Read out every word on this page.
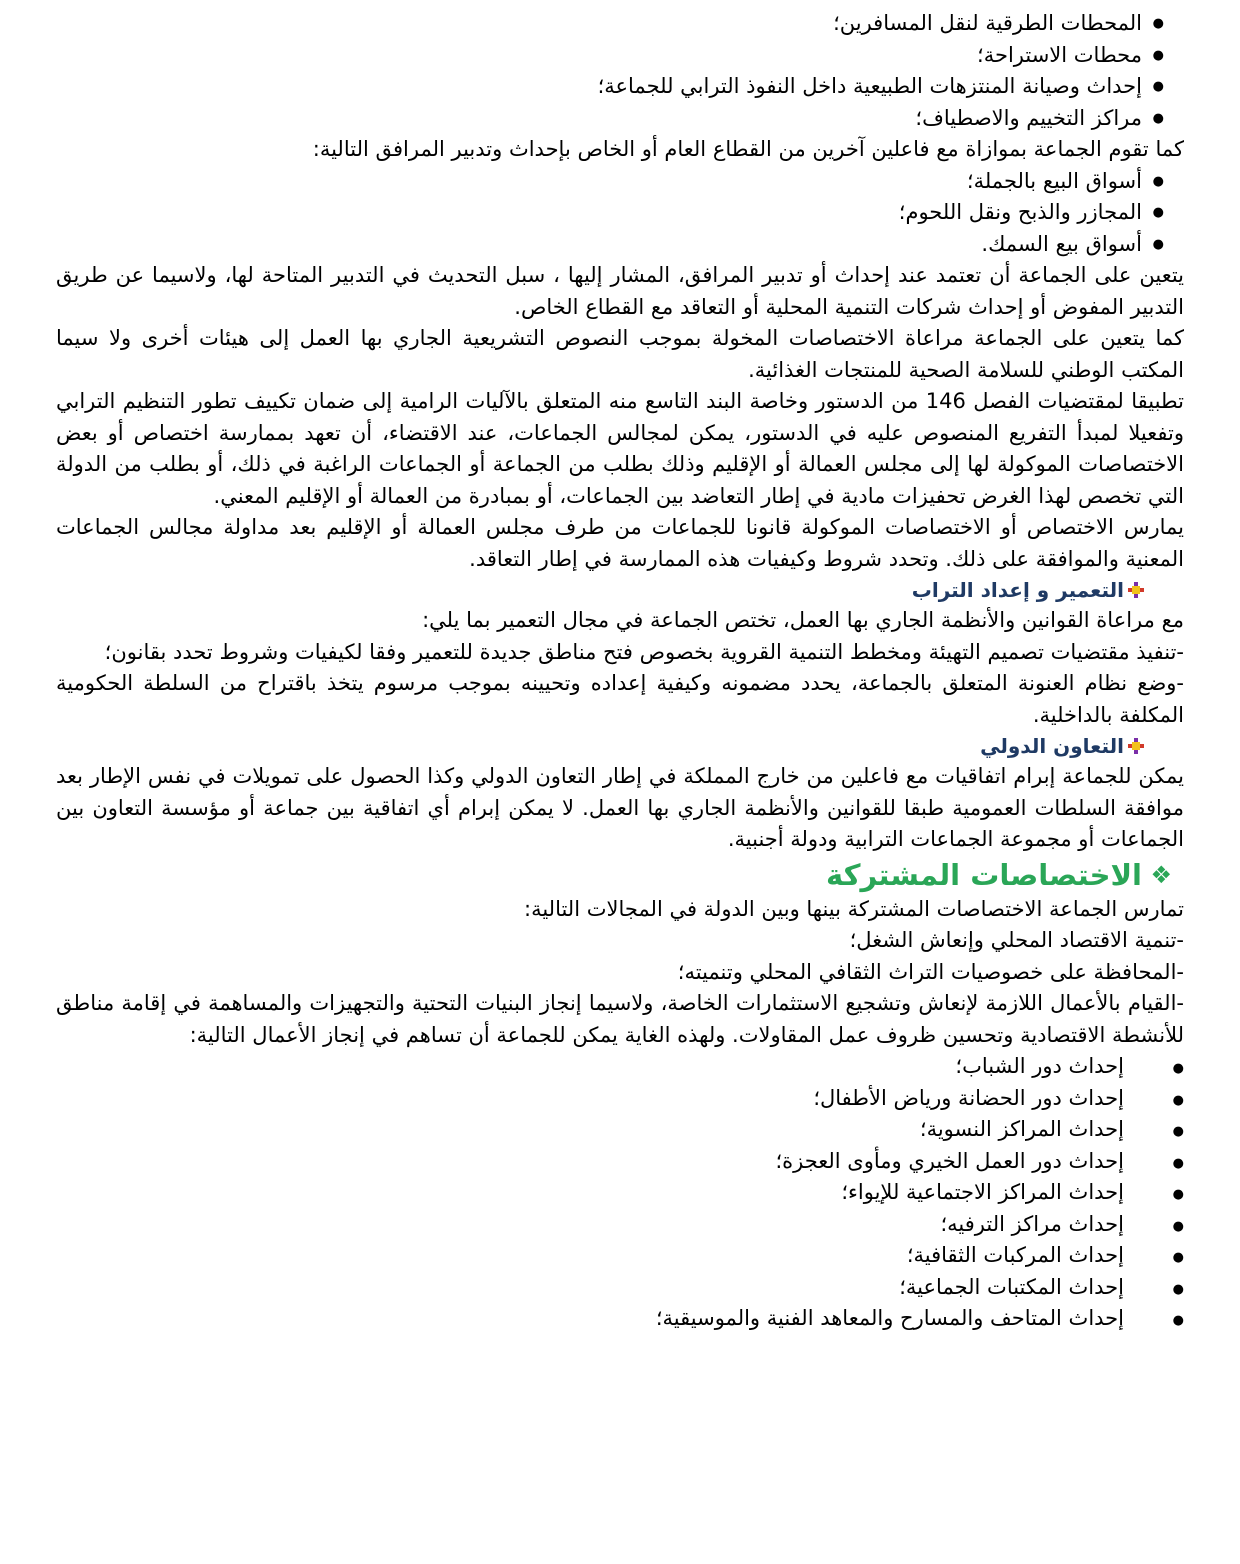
● المحطات الطرقية لنقل المسافرين؛
● محطات الاستراحة؛
● إحداث وصيانة المنتزهات الطبيعية داخل النفوذ الترابي للجماعة؛
● مراكز التخييم والاصطياف؛

كما تقوم الجماعة بموازاة مع فاعلين آخرين من القطاع العام أو الخاص بإحداث وتدبير المرافق التالية:

● أسواق البيع بالجملة؛
● المجازر والذبح ونقل اللحوم؛
● أسواق بيع السمك.

يتعين على الجماعة أن تعتمد عند إحداث أو تدبير المرافق، المشار إليها ، سبل التحديث في التدبير المتاحة لها، ولاسيما عن طريق التدبير المفوض أو إحداث شركات التنمية المحلية أو التعاقد مع القطاع الخاص.

كما يتعين على الجماعة مراعاة الاختصاصات المخولة بموجب النصوص التشريعية الجاري بها العمل إلى هيئات أخرى ولا سيما المكتب الوطني للسلامة الصحية للمنتجات الغذائية.

تطبيقا لمقتضيات الفصل 146 من الدستور وخاصة البند التاسع منه المتعلق بالآليات الرامية إلى ضمان تكييف تطور التنظيم الترابي وتفعيلا لمبدأ التفريع المنصوص عليه في الدستور، يمكن لمجالس الجماعات، عند الاقتضاء، أن تعهد بممارسة اختصاص أو بعض الاختصاصات الموكولة لها إلى مجلس العمالة أو الإقليم وذلك بطلب من الجماعة أو الجماعات الراغبة في ذلك، أو بطلب من الدولة التي تخصص لهذا الغرض تحفيزات مادية في إطار التعاضد بين الجماعات، أو بمبادرة من العمالة أو الإقليم المعني.

يمارس الاختصاص أو الاختصاصات الموكولة قانونا للجماعات من طرف مجلس العمالة أو الإقليم بعد مداولة مجالس الجماعات المعنية والموافقة على ذلك. وتحدد شروط وكيفيات هذه الممارسة في إطار التعاقد.

التعمير و إعداد التراب

مع مراعاة القوانين والأنظمة الجاري بها العمل، تختص الجماعة في مجال التعمير بما يلي:

-تنفيذ مقتضيات تصميم التهيئة ومخطط التنمية القروية بخصوص فتح مناطق جديدة للتعمير وفقا لكيفيات وشروط تحدد بقانون؛

-وضع نظام العنونة المتعلق بالجماعة، يحدد مضمونه وكيفية إعداده وتحيينه بموجب مرسوم يتخذ باقتراح من السلطة الحكومية المكلفة بالداخلية.

التعاون الدولي

يمكن للجماعة إبرام اتفاقيات مع فاعلين من خارج المملكة في إطار التعاون الدولي وكذا الحصول على تمويلات في نفس الإطار بعد موافقة السلطات العمومية طبقا للقوانين والأنظمة الجاري بها العمل. لا يمكن إبرام أي اتفاقية بين جماعة أو مؤسسة التعاون بين الجماعات أو مجموعة الجماعات الترابية ودولة أجنبية.

❖
الاختصاصات المشتركة

تمارس الجماعة الاختصاصات المشتركة بينها وبين الدولة في المجالات التالية:

-تنمية الاقتصاد المحلي وإنعاش الشغل؛
-المحافظة على خصوصيات التراث الثقافي المحلي وتنميته؛

-القيام بالأعمال اللازمة لإنعاش وتشجيع الاستثمارات الخاصة، ولاسيما إنجاز البنيات التحتية والتجهيزات والمساهمة في إقامة مناطق للأنشطة الاقتصادية وتحسين ظروف عمل المقاولات. ولهذه الغاية يمكن للجماعة أن تساهم في إنجاز الأعمال التالية:

إحداث دور الشباب؛ ●
إحداث دور الحضانة ورياض الأطفال؛ ●
إحداث المراكز النسوية؛ ●
إحداث دور العمل الخيري ومأوى العجزة؛ ●
إحداث المراكز الاجتماعية للإيواء؛ ●
إحداث مراكز الترفيه؛ ●
إحداث المركبات الثقافية؛ ●
إحداث المكتبات الجماعية؛ ●
إحداث المتاحف والمسارح والمعاهد الفنية والموسيقية؛ ●
